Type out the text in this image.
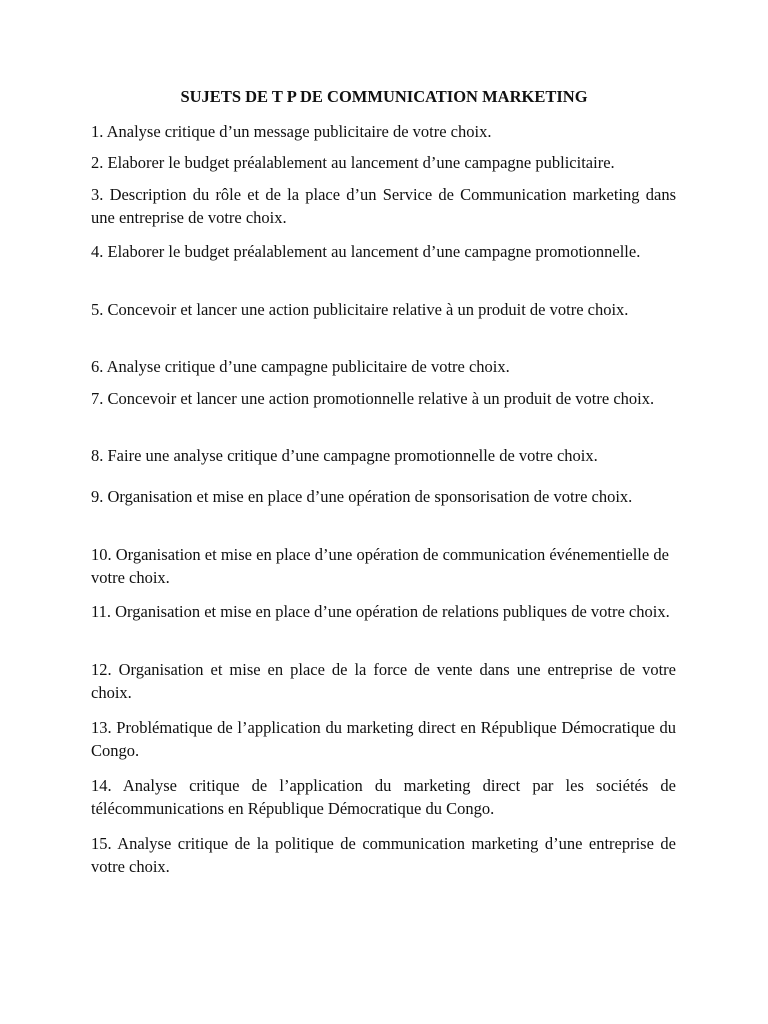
SUJETS DE T P DE COMMUNICATION MARKETING

1. Analyse critique d’un message publicitaire de votre choix.

2. Elaborer le budget préalablement au lancement d’une campagne publicitaire.

3. Description du rôle et de la place d’un Service de Communication marketing dans une entreprise de votre choix.

4. Elaborer le budget préalablement au lancement d’une campagne promotionnelle.

5. Concevoir et lancer une action publicitaire relative à un produit de votre choix.

6. Analyse critique d’une campagne publicitaire de votre choix.

7. Concevoir et lancer une action promotionnelle relative à un produit de votre choix.

8. Faire une analyse critique d’une campagne promotionnelle de votre choix.

9. Organisation et mise en place d’une opération de sponsorisation de votre choix.

10. Organisation et mise en place d’une opération de communication événementielle de votre choix.

11. Organisation et mise en place d’une opération de relations publiques de votre choix.

12. Organisation et mise en place de la force de vente dans une entreprise de votre choix.

13. Problématique de l’application du marketing direct en République Démocratique du Congo.

14. Analyse critique de l’application du marketing direct par les sociétés de télécommunications en République Démocratique du Congo.

15. Analyse critique de la politique de communication marketing d’une entreprise de votre choix.
